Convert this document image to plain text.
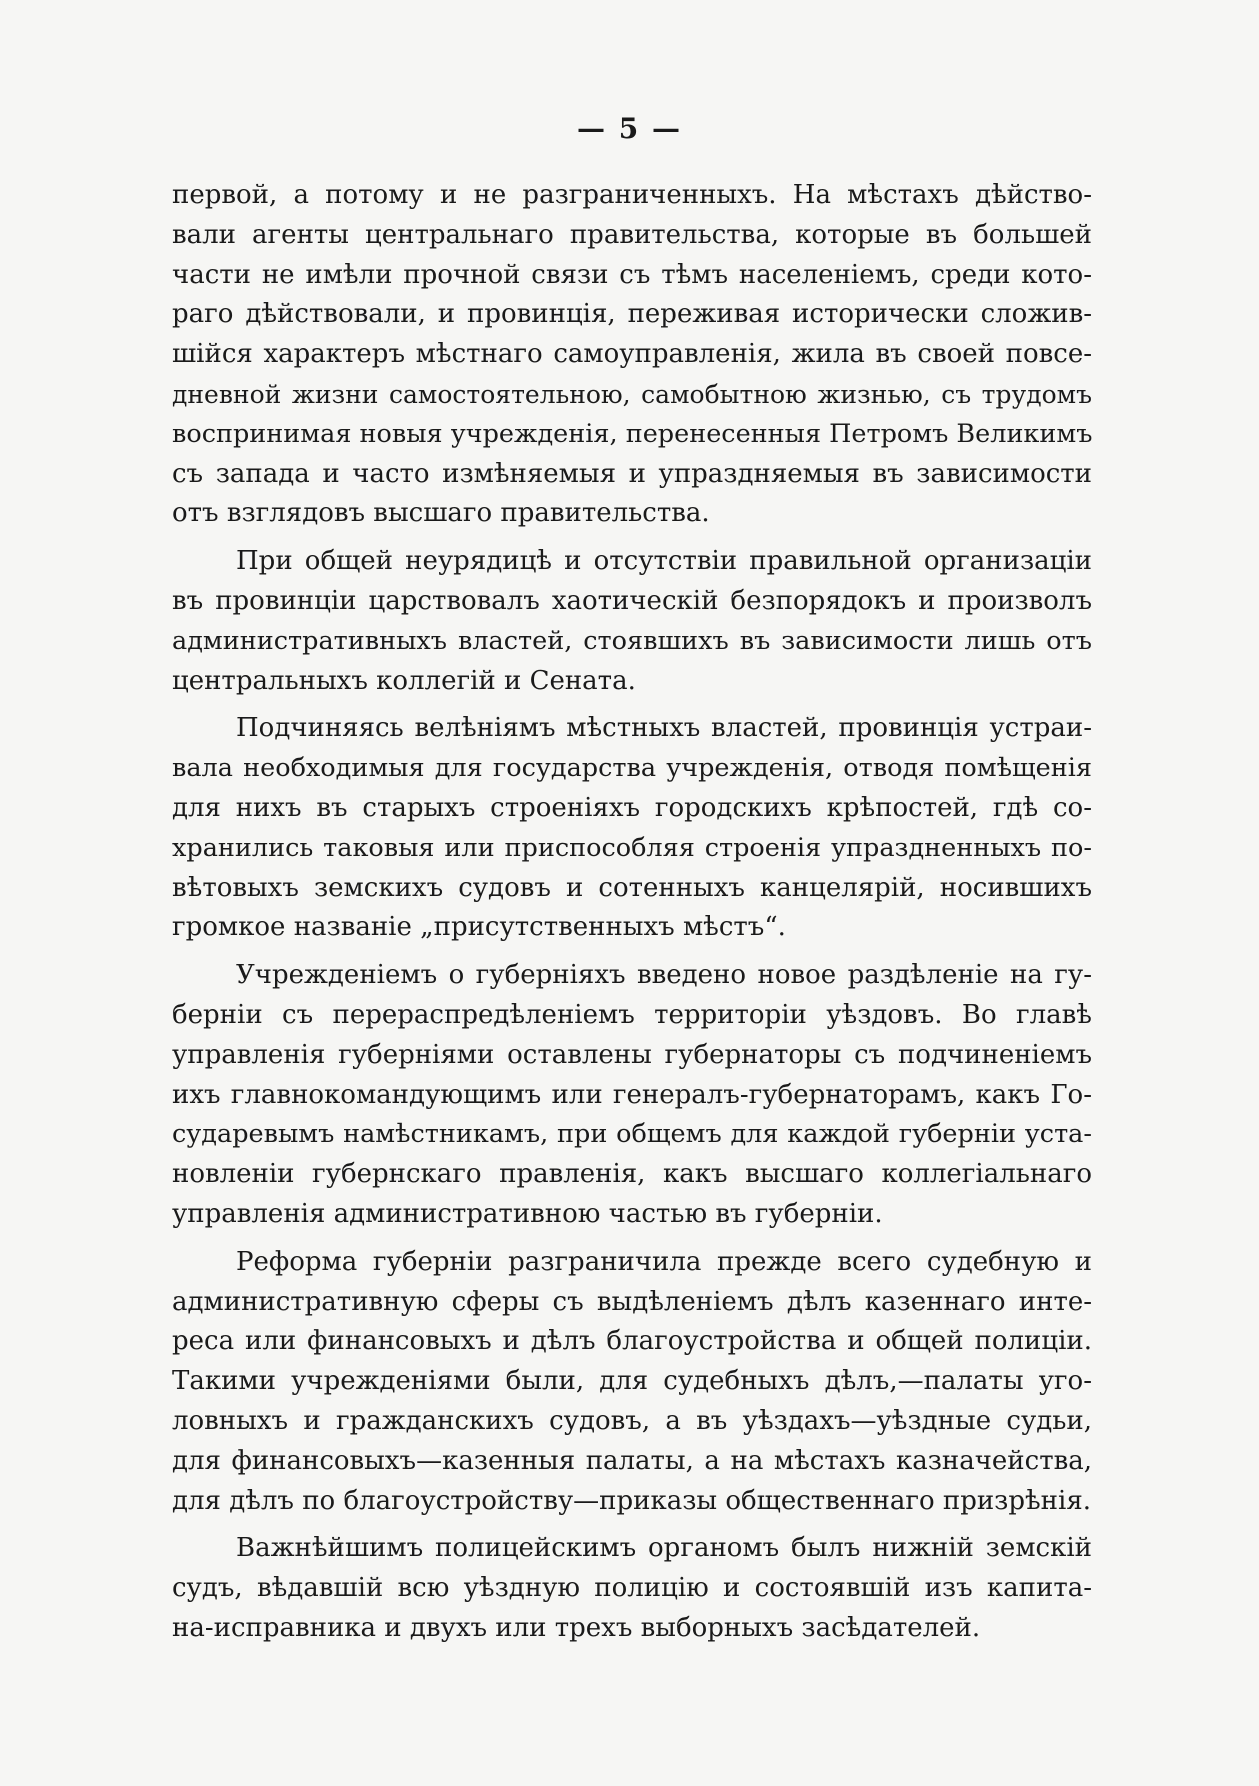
— 5 —
первой, а потому и не разграниченныхъ. На мѣстахъ дѣйство-
вали агенты центральнаго правительства, которые въ большей
части не имѣли прочной связи съ тѣмъ населеніемъ, среди кото-
раго дѣйствовали, и провинція, переживая исторически сложив-
шійся характеръ мѣстнаго самоуправленія, жила въ своей повсе-
дневной жизни самостоятельною, самобытною жизнью, съ трудомъ
воспринимая новыя учрежденія, перенесенныя Петромъ Великимъ
съ запада и часто измѣняемыя и упраздняемыя въ зависимости
отъ взглядовъ высшаго правительства.
При общей неурядицѣ и отсутствіи правильной организаціи
въ провинціи царствовалъ хаотическій безпорядокъ и произволъ
административныхъ властей, стоявшихъ въ зависимости лишь отъ
центральныхъ коллегій и Сената.
Подчиняясь велѣніямъ мѣстныхъ властей, провинція устраи-
вала необходимыя для государства учрежденія, отводя помѣщенія
для нихъ въ старыхъ строеніяхъ городскихъ крѣпостей, гдѣ со-
хранились таковыя или приспособляя строенія упраздненныхъ по-
вѣтовыхъ земскихъ судовъ и сотенныхъ канцелярій, носившихъ
громкое названіе „присутственныхъ мѣстъ“.
Учрежденіемъ о губерніяхъ введено новое раздѣленіе на гу-
берніи съ перераспредѣленіемъ территоріи уѣздовъ. Во главѣ
управленія губерніями оставлены губернаторы съ подчиненіемъ
ихъ главнокомандующимъ или генералъ-губернаторамъ, какъ Го-
сударевымъ намѣстникамъ, при общемъ для каждой губерніи уста-
новленіи губернскаго правленія, какъ высшаго коллегіальнаго
управленія административною частью въ губерніи.
Реформа губерніи разграничила прежде всего судебную и
административную сферы съ выдѣленіемъ дѣлъ казеннаго инте-
реса или финансовыхъ и дѣлъ благоустройства и общей полиціи.
Такими учрежденіями были, для судебныхъ дѣлъ,—палаты уго-
ловныхъ и гражданскихъ судовъ, а въ уѣздахъ—уѣздные судьи,
для финансовыхъ—казенныя палаты, а на мѣстахъ казначейства,
для дѣлъ по благоустройству—приказы общественнаго призрѣнія.
Важнѣйшимъ полицейскимъ органомъ былъ нижній земскій
судъ, вѣдавшій всю уѣздную полицію и состоявшій изъ капита-
на-исправника и двухъ или трехъ выборныхъ засѣдателей.
